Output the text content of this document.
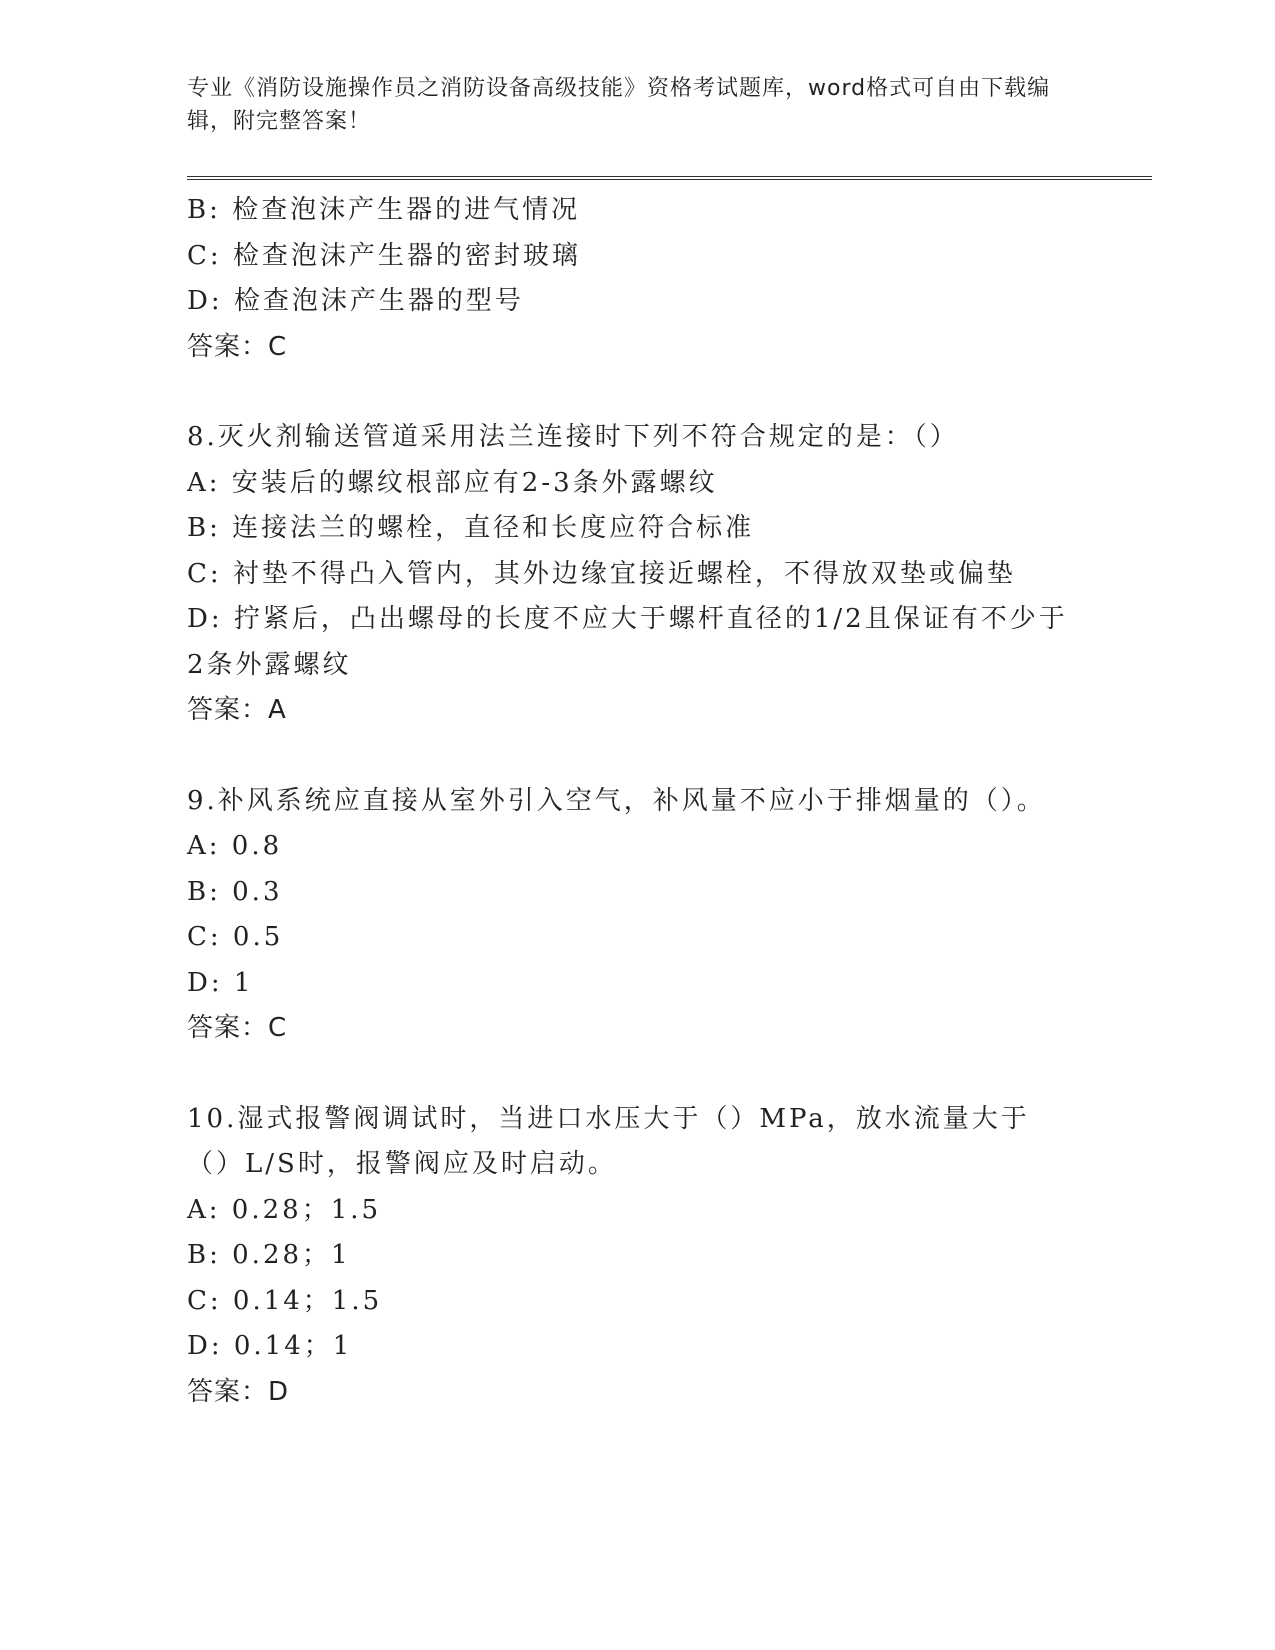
专业《消防设施操作员之消防设备高级技能》资格考试题库，word格式可自由下载编辑，附完整答案！
B: 检查泡沫产生器的进气情况
C: 检查泡沫产生器的密封玻璃
D: 检查泡沫产生器的型号
答案：C
8.灭火剂输送管道采用法兰连接时下列不符合规定的是：（）
A: 安装后的螺纹根部应有2-3条外露螺纹
B: 连接法兰的螺栓，直径和长度应符合标准
C: 衬垫不得凸入管内，其外边缘宜接近螺栓，不得放双垫或偏垫
D: 拧紧后，凸出螺母的长度不应大于螺杆直径的1/2且保证有不少于
2条外露螺纹
答案：A
9.补风系统应直接从室外引入空气，补风量不应小于排烟量的（）。
A: 0.8
B: 0.3
C: 0.5
D: 1
答案：C
10.湿式报警阀调试时，当进口水压大于（）MPa，放水流量大于（）L/S时，报警阀应及时启动。
A: 0.28；1.5
B: 0.28；1
C: 0.14；1.5
D: 0.14；1
答案：D
